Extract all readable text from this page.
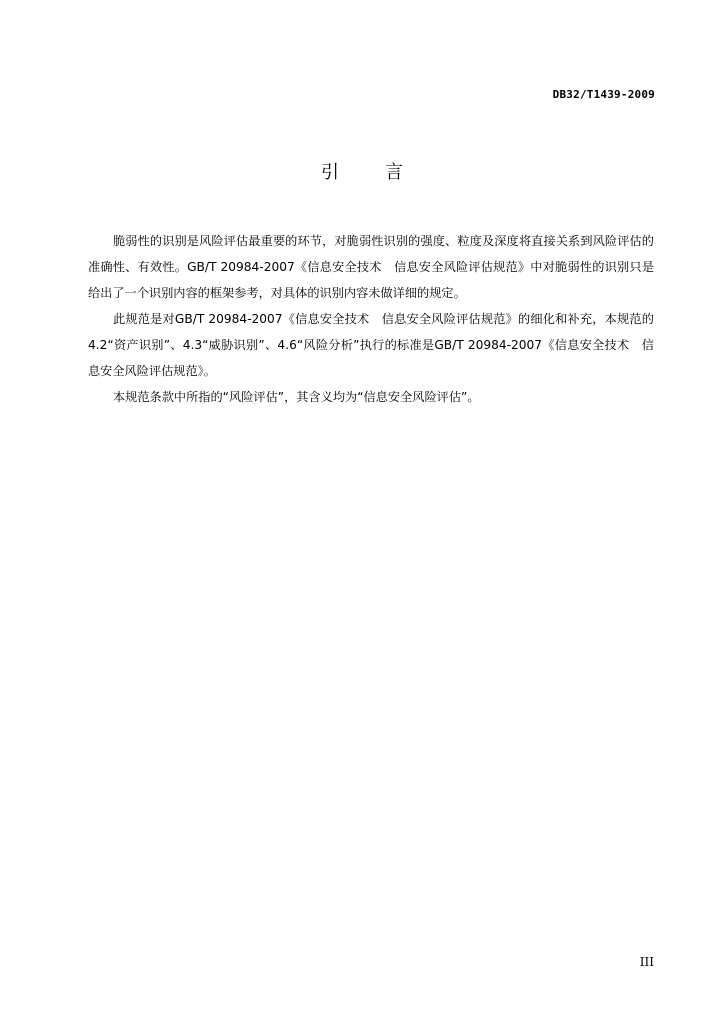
DB32/T1439-2009
引	言

脆弱性的识别是风险评估最重要的环节，对脆弱性识别的强度、粒度及深度将直接关系到风险评估的准确性、有效性。GB/T 20984-2007《信息安全技术　信息安全风险评估规范》中对脆弱性的识别只是给出了一个识别内容的框架参考，对具体的识别内容未做详细的规定。

此规范是对GB/T 20984-2007《信息安全技术　信息安全风险评估规范》的细化和补充，本规范的4.2“资产识别”、4.3“威胁识别”、4.6“风险分析”执行的标准是GB/T 20984-2007《信息安全技术　信息安全风险评估规范》。

本规范条款中所指的“风险评估”，其含义均为“信息安全风险评估”。

III
